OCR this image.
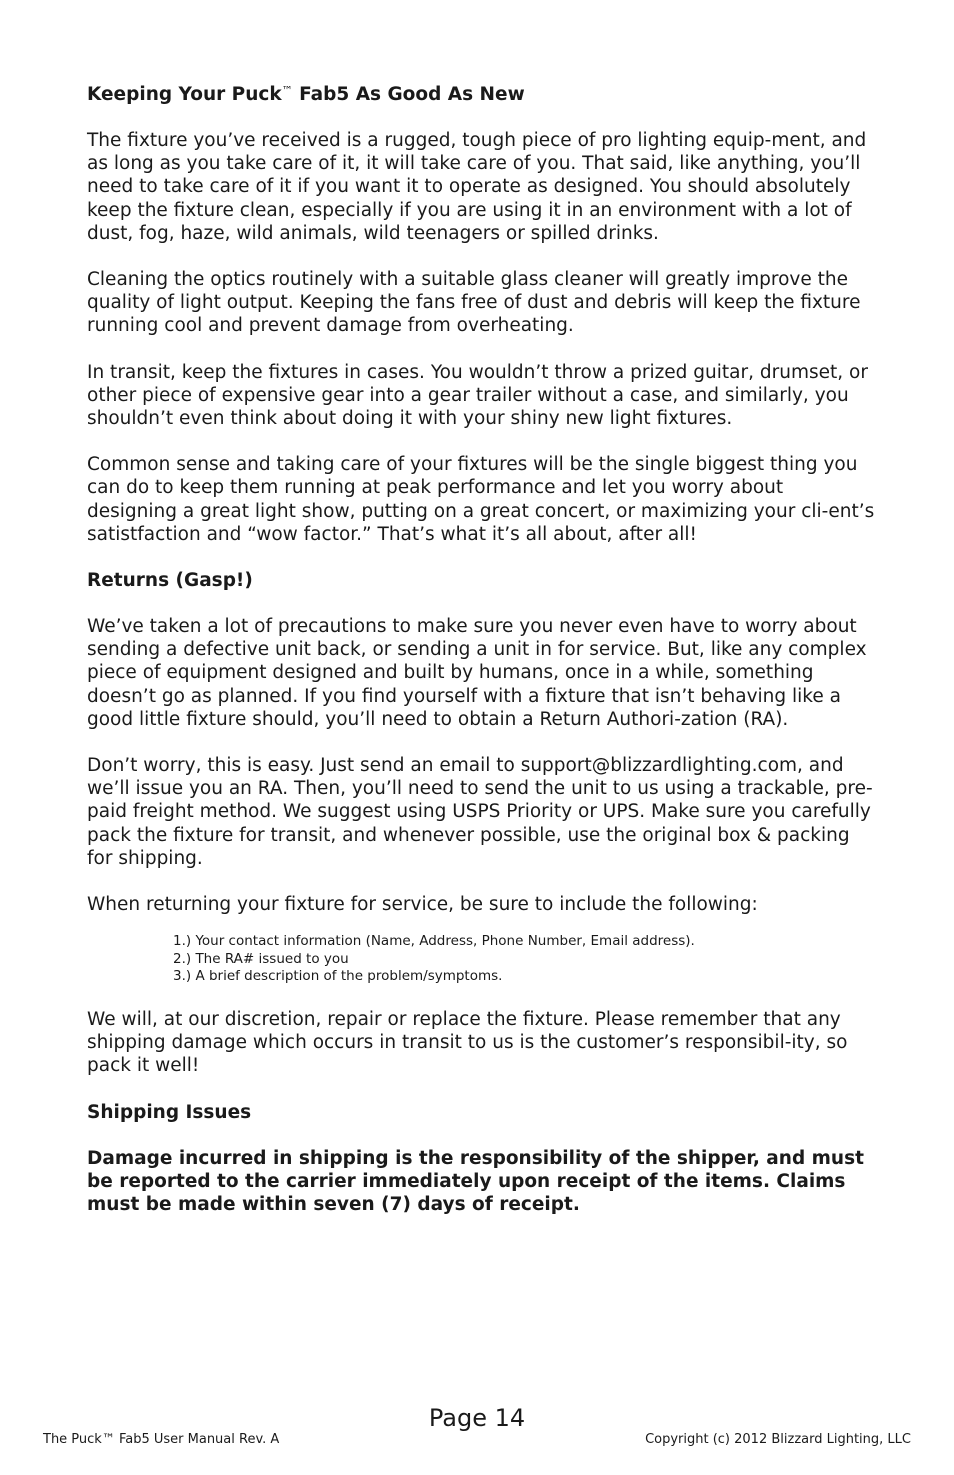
Keeping Your Puck™ Fab5 As Good As New

The fixture you’ve received is a rugged, tough piece of pro lighting equip-ment, and as long as you take care of it, it will take care of you. That said, like anything, you’ll need to take care of it if you want it to operate as designed. You should absolutely keep the fixture clean, especially if you are using it in an environment with a lot of dust, fog, haze, wild animals, wild teenagers or spilled drinks.

Cleaning the optics routinely with a suitable glass cleaner will greatly improve the quality of light output. Keeping the fans free of dust and debris will keep the fixture running cool and prevent damage from overheating.

In transit, keep the fixtures in cases. You wouldn’t throw a prized guitar, drumset, or other piece of expensive gear into a gear trailer without a case, and similarly, you shouldn’t even think about doing it with your shiny new light fixtures.

Common sense and taking care of your fixtures will be the single biggest thing you can do to keep them running at peak performance and let you worry about designing a great light show, putting on a great concert, or maximizing your cli-ent’s satistfaction and “wow factor.” That’s what it’s all about, after all!

Returns (Gasp!)

We’ve taken a lot of precautions to make sure you never even have to worry about sending a defective unit back, or sending a unit in for service. But, like any complex piece of equipment designed and built by humans, once in a while, something doesn’t go as planned. If you find yourself with a fixture that isn’t behaving like a good little fixture should, you’ll need to obtain a Return Authori-zation (RA).

Don’t worry, this is easy. Just send an email to support@blizzardlighting.com, and we’ll issue you an RA. Then, you’ll need to send the unit to us using a trackable, pre-paid freight method. We suggest using USPS Priority or UPS. Make sure you carefully pack the fixture for transit, and whenever possible, use the original box & packing for shipping.

When returning your fixture for service, be sure to include the following:

1.) Your contact information (Name, Address, Phone Number, Email address).
2.) The RA# issued to you
3.) A brief description of the problem/symptoms.

We will, at our discretion, repair or replace the fixture. Please remember that any shipping damage which occurs in transit to us is the customer’s responsibil-ity, so pack it well!

Shipping Issues

Damage incurred in shipping is the responsibility of the shipper, and must be reported to the carrier immediately upon receipt of the items. Claims must be made within seven (7) days of receipt.

Page 14
The Puck™ Fab5 User Manual Rev. A	Copyright (c) 2012 Blizzard Lighting, LLC
